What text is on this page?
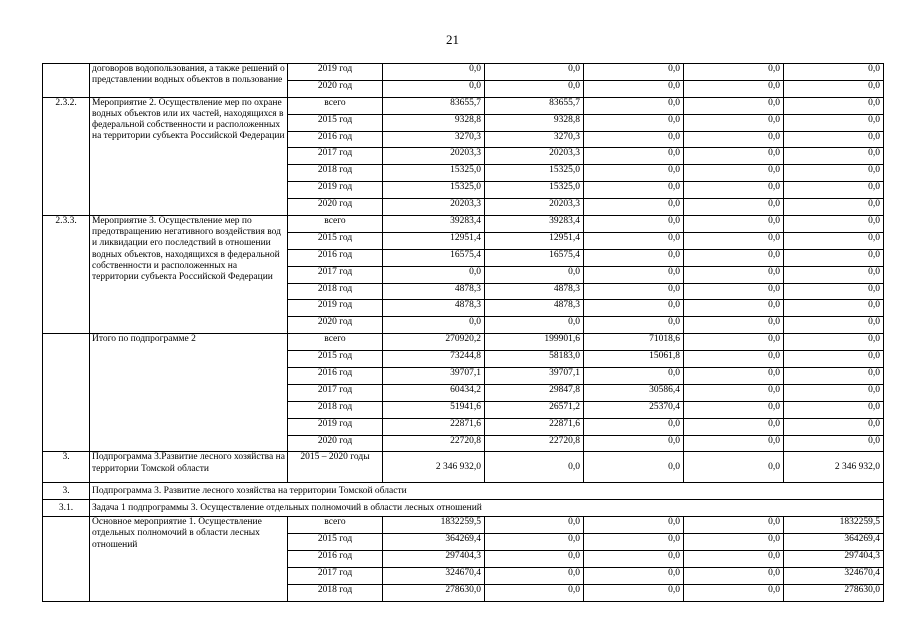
21
	договоров водопользования, а также решений о представлении водных объектов в пользование	2019 год	0,0	0,0	0,0	0,0	0,0
		2020 год	0,0	0,0	0,0	0,0	0,0
2.3.2.	Мероприятие 2. Осуществление мер по охране водных объектов или их частей, находящихся в федеральной собственности и расположенных на территории субъекта Российской Федерации	всего	83655,7	83655,7	0,0	0,0	0,0
		2015 год	9328,8	9328,8	0,0	0,0	0,0
		2016 год	3270,3	3270,3	0,0	0,0	0,0
		2017 год	20203,3	20203,3	0,0	0,0	0,0
		2018 год	15325,0	15325,0	0,0	0,0	0,0
		2019 год	15325,0	15325,0	0,0	0,0	0,0
		2020 год	20203,3	20203,3	0,0	0,0	0,0
2.3.3.	Мероприятие 3. Осуществление мер по предотвращению негативного воздействия вод и ликвидации его последствий в отношении водных объектов, находящихся в федеральной собственности и расположенных на территории субъекта Российской Федерации	всего	39283,4	39283,4	0,0	0,0	0,0
		2015 год	12951,4	12951,4	0,0	0,0	0,0
		2016 год	16575,4	16575,4	0,0	0,0	0,0
		2017 год	0,0	0,0	0,0	0,0	0,0
		2018 год	4878,3	4878,3	0,0	0,0	0,0
		2019 год	4878,3	4878,3	0,0	0,0	0,0
		2020 год	0,0	0,0	0,0	0,0	0,0
	Итого по подпрограмме 2	всего	270920,2	199901,6	71018,6	0,0	0,0
		2015 год	73244,8	58183,0	15061,8	0,0	0,0
		2016 год	39707,1	39707,1	0,0	0,0	0,0
		2017 год	60434,2	29847,8	30586,4	0,0	0,0
		2018 год	51941,6	26571,2	25370,4	0,0	0,0
		2019 год	22871,6	22871,6	0,0	0,0	0,0
		2020 год	22720,8	22720,8	0,0	0,0	0,0
3.	Подпрограмма 3.Развитие лесного хозяйства на территории Томской области	2015 – 2020 годы	2 346 932,0	0,0	0,0	0,0	2 346 932,0
3.	Подпрограмма 3. Развитие лесного хозяйства на территории Томской области						
3.1.	Задача 1 подпрограммы 3. Осуществление отдельных полномочий в области лесных отношений						
	Основное мероприятие 1. Осуществление отдельных полномочий в области лесных отношений	всего	1832259,5	0,0	0,0	0,0	1832259,5
		2015 год	364269,4	0,0	0,0	0,0	364269,4
		2016 год	297404,3	0,0	0,0	0,0	297404,3
		2017 год	324670,4	0,0	0,0	0,0	324670,4
		2018 год	278630,0	0,0	0,0	0,0	278630,0
